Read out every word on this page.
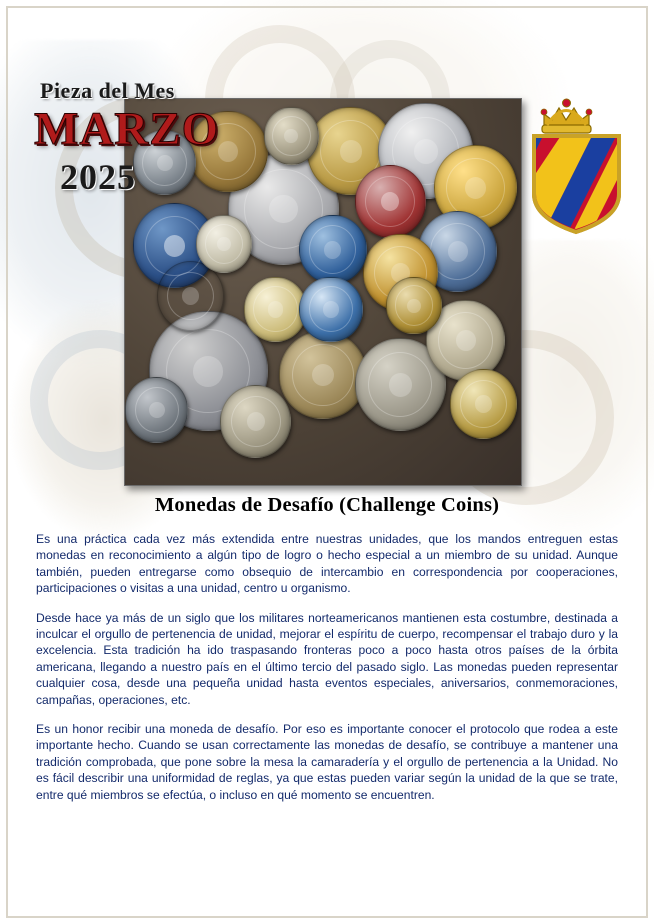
Pieza del Mes
MARZO
2025
Monedas de Desafío (Challenge Coins)

Es una práctica cada vez más extendida entre nuestras unidades, que los mandos entreguen estas monedas en reconocimiento a algún tipo de logro o hecho especial a un miembro de su unidad. Aunque también, pueden entregarse como obsequio de intercambio en correspondencia por cooperaciones, participaciones o visitas a una unidad, centro u organismo.

Desde hace ya más de un siglo que los militares norteamericanos mantienen esta costumbre, destinada a inculcar el orgullo de pertenencia de unidad, mejorar el espíritu de cuerpo, recompensar el trabajo duro y la excelencia. Esta tradición ha ido traspasando fronteras poco a poco hasta otros países de la órbita americana, llegando a nuestro país en el último tercio del pasado siglo. Las monedas pueden representar cualquier cosa, desde una pequeña unidad hasta eventos especiales, aniversarios, conmemoraciones, campañas, operaciones, etc.

Es un honor recibir una moneda de desafío. Por eso es importante conocer el protocolo que rodea a este importante hecho. Cuando se usan correctamente las monedas de desafío, se contribuye a mantener una tradición comprobada, que pone sobre la mesa la camaradería y el orgullo de pertenencia a la Unidad. No es fácil describir una uniformidad de reglas, ya que estas pueden variar según la unidad de la que se trate, entre qué miembros se efectúa, o incluso en qué momento se encuentren.
